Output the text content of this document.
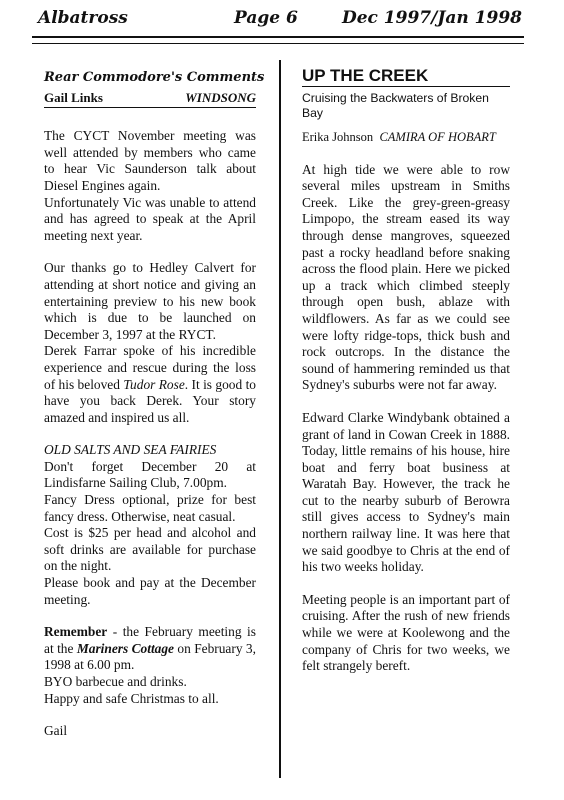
Albatross	Page 6	Dec 1997/Jan 1998
Rear Commodore's Comments
Gail Links	WINDSONG

The CYCT November meeting was well attended by members who came to hear Vic Saunderson talk about Diesel Engines again.

Unfortunately Vic was unable to attend and has agreed to speak at the April meeting next year.

Our thanks go to Hedley Calvert for attending at short notice and giving an entertaining preview to his new book which is due to be launched on December 3, 1997 at the RYCT.

Derek Farrar spoke of his incredible experience and rescue during the loss of his beloved Tudor Rose. It is good to have you back Derek. Your story amazed and inspired us all.

OLD SALTS AND SEA FAIRIES

Don't forget December 20 at Lindisfarne Sailing Club, 7.00pm.

Fancy Dress optional, prize for best fancy dress. Otherwise, neat casual.

Cost is $25 per head and alcohol and soft drinks are available for purchase on the night.

Please book and pay at the December meeting.

Remember - the February meeting is at the Mariners Cottage on February 3, 1998 at 6.00 pm.

BYO barbecue and drinks.

Happy and safe Christmas to all.

Gail

UP THE CREEK
Cruising the Backwaters of Broken Bay
Erika Johnson CAMIRA OF HOBART

At high tide we were able to row several miles upstream in Smiths Creek. Like the grey-green-greasy Limpopo, the stream eased its way through dense mangroves, squeezed past a rocky headland before snaking across the flood plain. Here we picked up a track which climbed steeply through open bush, ablaze with wildflowers. As far as we could see were lofty ridge-tops, thick bush and rock outcrops. In the distance the sound of hammering reminded us that Sydney's suburbs were not far away.

Edward Clarke Windybank obtained a grant of land in Cowan Creek in 1888. Today, little remains of his house, hire boat and ferry boat business at Waratah Bay. However, the track he cut to the nearby suburb of Berowra still gives access to Sydney's main northern railway line. It was here that we said goodbye to Chris at the end of his two weeks holiday.

Meeting people is an important part of cruising. After the rush of new friends while we were at Koolewong and the company of Chris for two weeks, we felt strangely bereft.
